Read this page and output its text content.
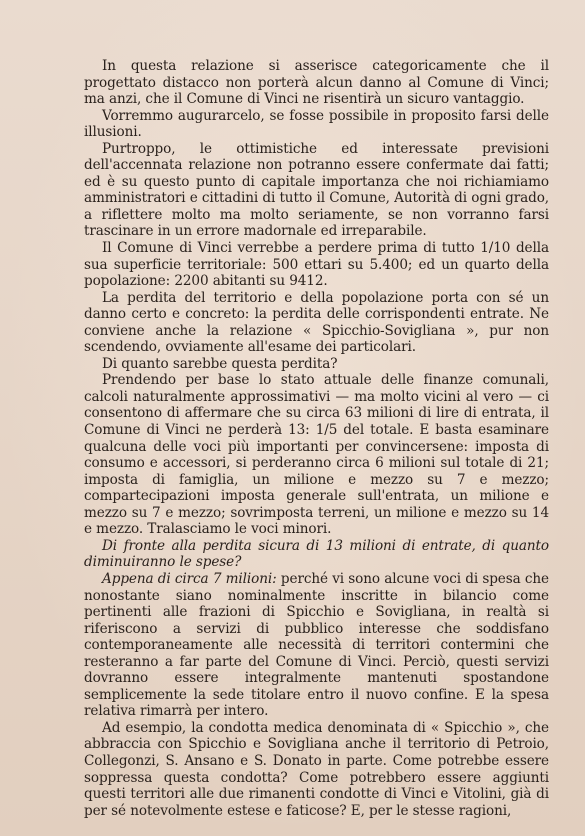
In questa relazione si asserisce categoricamente che il progettato distacco non porterà alcun danno al Comune di Vinci; ma anzi, che il Comune di Vinci ne risentirà un sicuro vantaggio.

Vorremmo augurarcelo, se fosse possibile in proposito farsi delle illusioni.

Purtroppo, le ottimistiche ed interessate previsioni dell'accennata relazione non potranno essere confermate dai fatti; ed è su questo punto di capitale importanza che noi richiamiamo amministratori e cittadini di tutto il Comune, Autorità di ogni grado, a riflettere molto ma molto seriamente, se non vorranno farsi trascinare in un errore madornale ed irreparabile.

Il Comune di Vinci verrebbe a perdere prima di tutto 1/10 della sua superficie territoriale: 500 ettari su 5.400; ed un quarto della popolazione: 2200 abitanti su 9412.

La perdita del territorio e della popolazione porta con sé un danno certo e concreto: la perdita delle corrispondenti entrate. Ne conviene anche la relazione « Spicchio-Sovigliana », pur non scendendo, ovviamente all'esame dei particolari.

Di quanto sarebbe questa perdita?

Prendendo per base lo stato attuale delle finanze comunali, calcoli naturalmente approssimativi — ma molto vicini al vero — ci consentono di affermare che su circa 63 milioni di lire di entrata, il Comune di Vinci ne perderà 13: 1/5 del totale. E basta esaminare qualcuna delle voci più importanti per convincersene: imposta di consumo e accessori, si perderanno circa 6 milioni sul totale di 21; imposta di famiglia, un milione e mezzo su 7 e mezzo; compartecipazioni imposta generale sull'entrata, un milione e mezzo su 7 e mezzo; sovrimposta terreni, un milione e mezzo su 14 e mezzo. Tralasciamo le voci minori.

Di fronte alla perdita sicura di 13 milioni di entrate, di quanto diminuiranno le spese?

Appena di circa 7 milioni: perché vi sono alcune voci di spesa che nonostante siano nominalmente inscritte in bilancio come pertinenti alle frazioni di Spicchio e Sovigliana, in realtà si riferiscono a servizi di pubblico interesse che soddisfano contemporaneamente alle necessità di territori contermini che resteranno a far parte del Comune di Vinci. Perciò, questi servizi dovranno essere integralmente mantenuti spostandone semplicemente la sede titolare entro il nuovo confine. E la spesa relativa rimarrà per intero.

Ad esempio, la condotta medica denominata di « Spicchio », che abbraccia con Spicchio e Sovigliana anche il territorio di Petroio, Collegonzi, S. Ansano e S. Donato in parte. Come potrebbe essere soppressa questa condotta? Come potrebbero essere aggiunti questi territori alle due rimanenti condotte di Vinci e Vitolini, già di per sé notevolmente estese e faticose? E, per le stesse ragioni,
